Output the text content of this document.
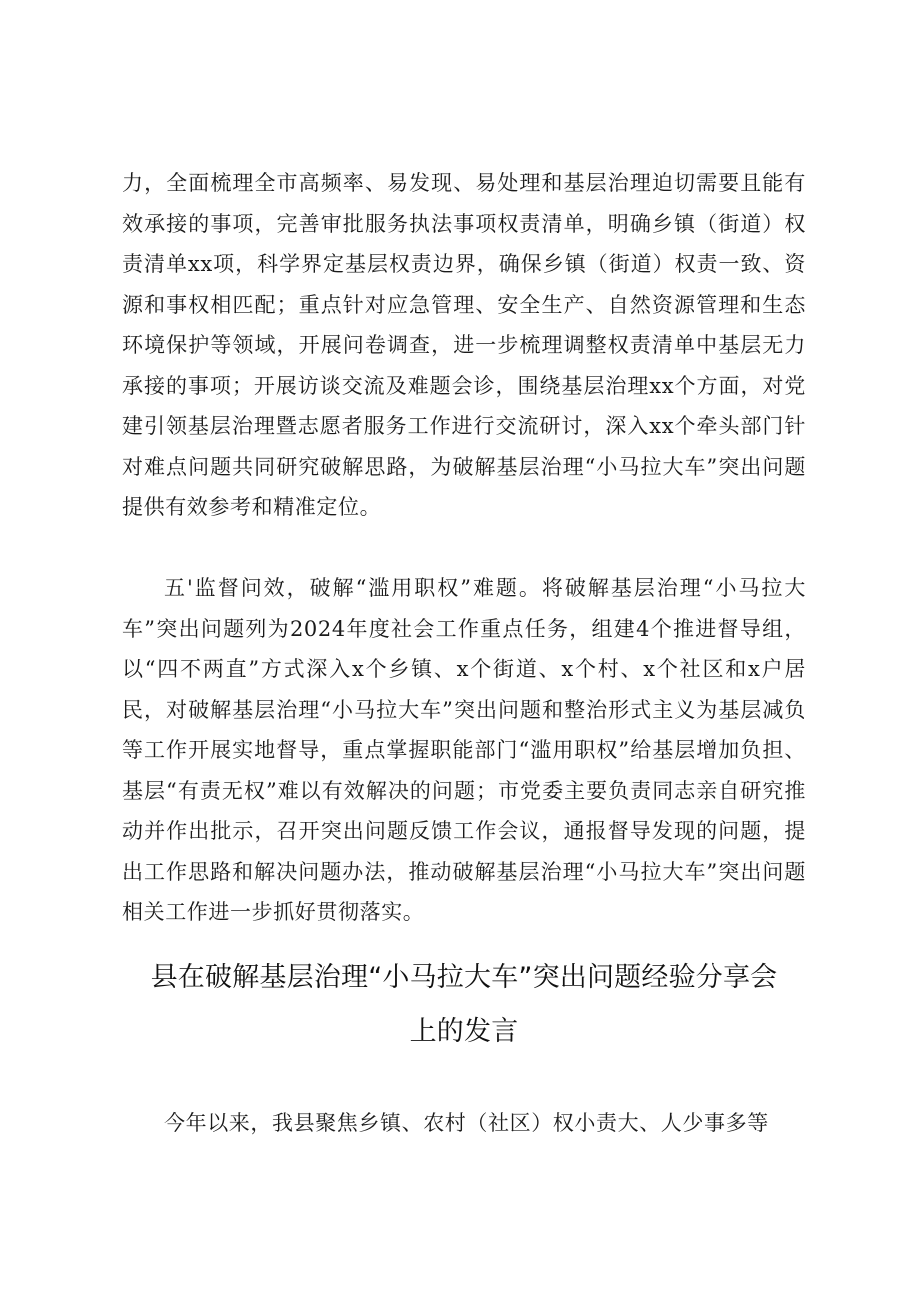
力，全面梳理全市高频率、易发现、易处理和基层治理迫切需要且能有效承接的事项，完善审批服务执法事项权责清单，明确乡镇（街道）权责清单xx项，科学界定基层权责边界，确保乡镇（街道）权责一致、资源和事权相匹配；重点针对应急管理、安全生产、自然资源管理和生态环境保护等领域，开展问卷调查，进一步梳理调整权责清单中基层无力承接的事项；开展访谈交流及难题会诊，围绕基层治理xx个方面，对党建引领基层治理暨志愿者服务工作进行交流研讨，深入xx个牵头部门针对难点问题共同研究破解思路，为破解基层治理“小马拉大车”突出问题提供有效参考和精准定位。

五'监督问效，破解“滥用职权”难题。将破解基层治理“小马拉大车”突出问题列为2024年度社会工作重点任务，组建4个推进督导组，以“四不两直”方式深入x个乡镇、x个街道、x个村、x个社区和x户居民，对破解基层治理“小马拉大车”突出问题和整治形式主义为基层减负等工作开展实地督导，重点掌握职能部门“滥用职权”给基层增加负担、基层“有责无权”难以有效解决的问题；市党委主要负责同志亲自研究推动并作出批示，召开突出问题反馈工作会议，通报督导发现的问题，提出工作思路和解决问题办法，推动破解基层治理“小马拉大车”突出问题相关工作进一步抓好贯彻落实。

县在破解基层治理“小马拉大车”突出问题经验分享会
上的发言

今年以来，我县聚焦乡镇、农村（社区）权小责大、人少事多等
